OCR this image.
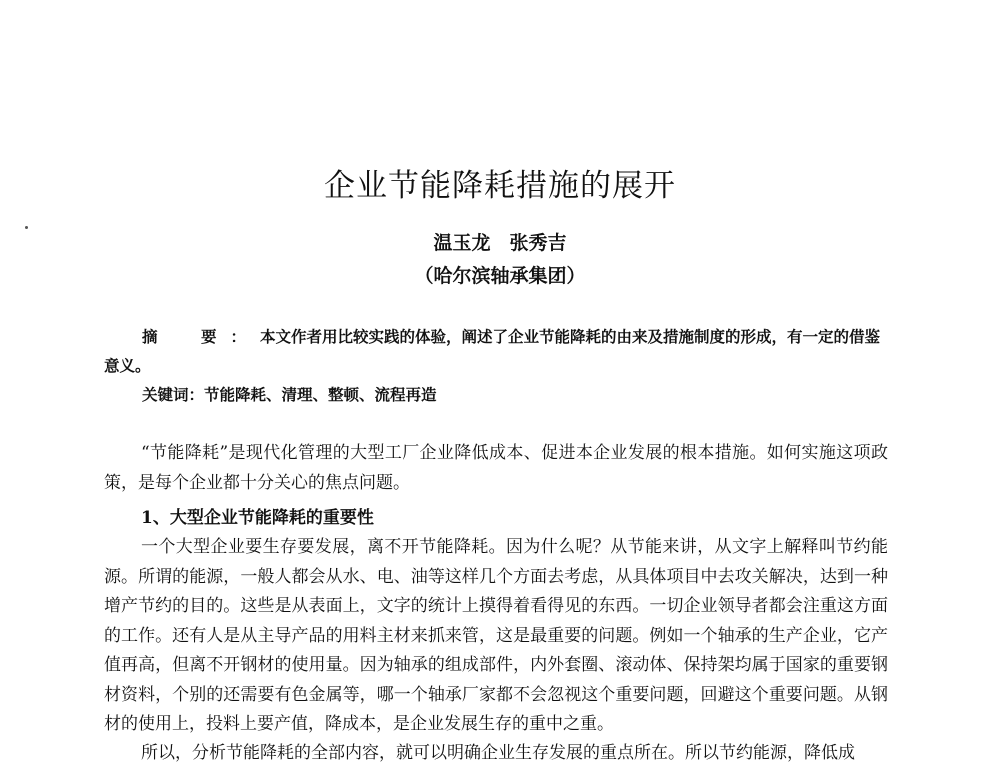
企业节能降耗措施的展开
温玉龙　张秀吉
（哈尔滨轴承集团）

摘　要：本文作者用比较实践的体验，阐述了企业节能降耗的由来及措施制度的形成，有一定的借鉴意义。

关键词：节能降耗、清理、整顿、流程再造

“节能降耗”是现代化管理的大型工厂企业降低成本、促进本企业发展的根本措施。如何实施这项政策，是每个企业都十分关心的焦点问题。

1、大型企业节能降耗的重要性

一个大型企业要生存要发展，离不开节能降耗。因为什么呢？从节能来讲，从文字上解释叫节约能源。所谓的能源，一般人都会从水、电、油等这样几个方面去考虑，从具体项目中去攻关解决，达到一种增产节约的目的。这些是从表面上，文字的统计上摸得着看得见的东西。一切企业领导者都会注重这方面的工作。还有人是从主导产品的用料主材来抓来管，这是最重要的问题。例如一个轴承的生产企业，它产值再高，但离不开钢材的使用量。因为轴承的组成部件，内外套圈、滚动体、保持架均属于国家的重要钢材资料，个别的还需要有色金属等，哪一个轴承厂家都不会忽视这个重要问题，回避这个重要问题。从钢材的使用上，投料上要产值，降成本，是企业发展生存的重中之重。

所以，分析节能降耗的全部内容，就可以明确企业生存发展的重点所在。所以节约能源，降低成
